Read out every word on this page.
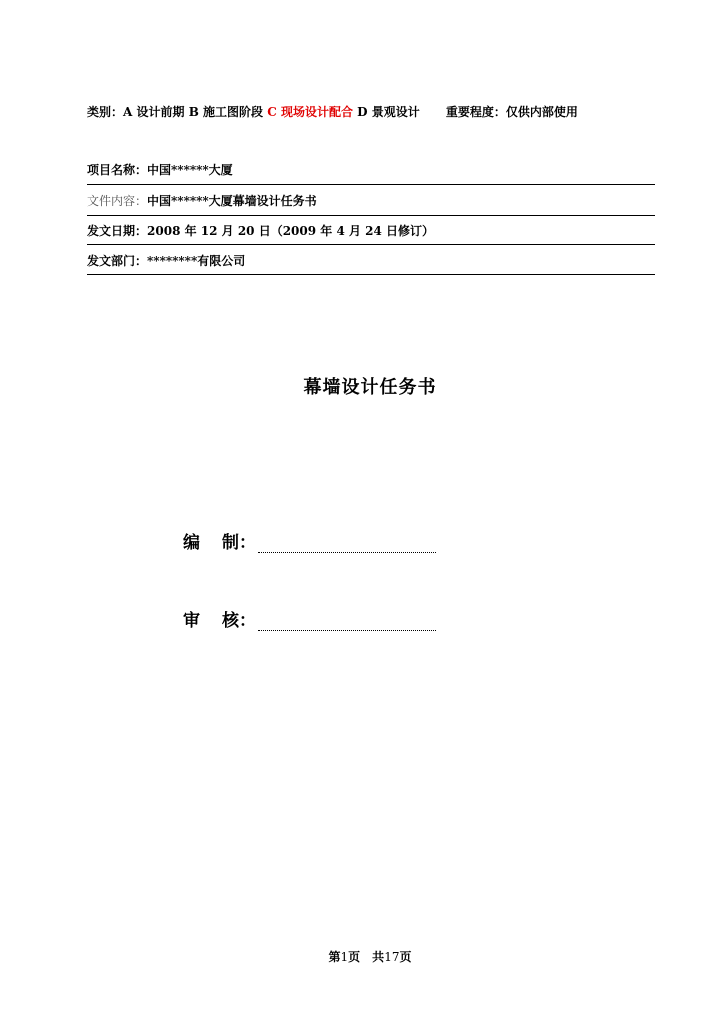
类别：A 设计前期 B 施工图阶段 C 现场设计配合 D 景观设计 重要程度：仅供内部使用
项目名称：中国******大厦
文件内容：中国******大厦幕墙设计任务书
发文日期：2008 年 12 月 20 日（2009 年 4 月 24 日修订）
发文部门：********有限公司
幕墙设计任务书
编 制：
审 核：
第1页 共17页
